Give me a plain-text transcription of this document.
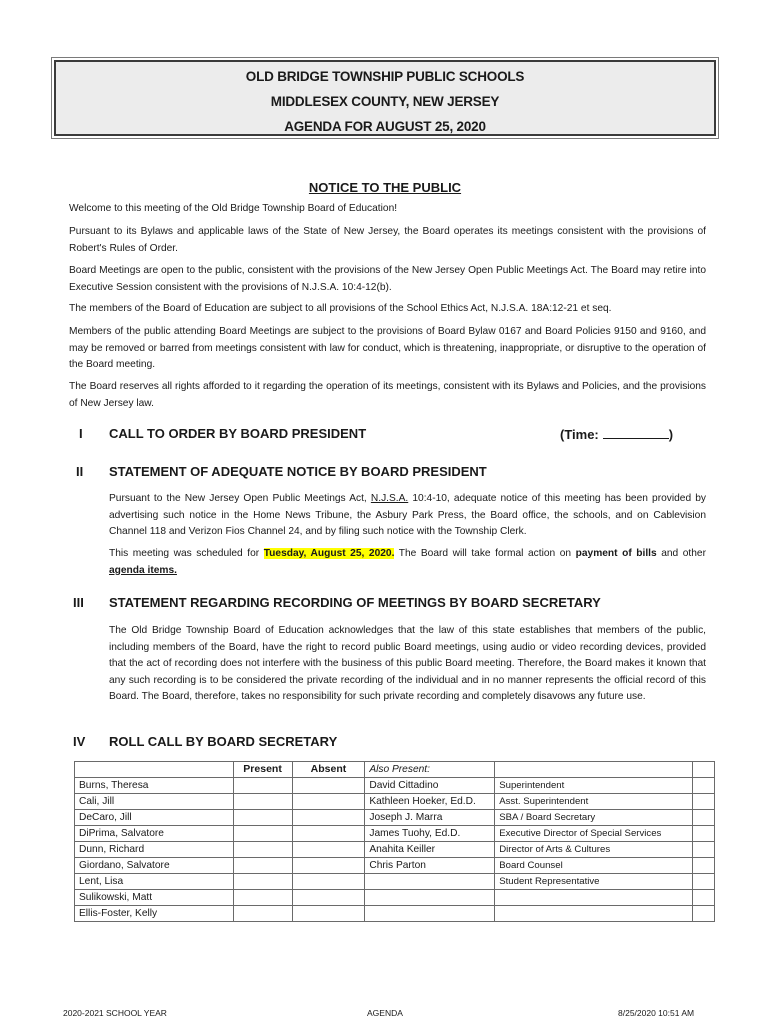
OLD BRIDGE TOWNSHIP PUBLIC SCHOOLS
MIDDLESEX COUNTY, NEW JERSEY
AGENDA FOR AUGUST 25, 2020
NOTICE TO THE PUBLIC
Welcome to this meeting of the Old Bridge Township Board of Education!
Pursuant to its Bylaws and applicable laws of the State of New Jersey, the Board operates its meetings consistent with the provisions of Robert's Rules of Order.
Board Meetings are open to the public, consistent with the provisions of the New Jersey Open Public Meetings Act. The Board may retire into Executive Session consistent with the provisions of N.J.S.A. 10:4-12(b).
The members of the Board of Education are subject to all provisions of the School Ethics Act, N.J.S.A. 18A:12-21 et seq.
Members of the public attending Board Meetings are subject to the provisions of Board Bylaw 0167 and Board Policies 9150 and 9160, and may be removed or barred from meetings consistent with law for conduct, which is threatening, inappropriate, or disruptive to the operation of the Board meeting.
The Board reserves all rights afforded to it regarding the operation of its meetings, consistent with its Bylaws and Policies, and the provisions of New Jersey law.
I CALL TO ORDER BY BOARD PRESIDENT	(Time:	)
II STATEMENT OF ADEQUATE NOTICE BY BOARD PRESIDENT
Pursuant to the New Jersey Open Public Meetings Act, N.J.S.A. 10:4-10, adequate notice of this meeting has been provided by advertising such notice in the Home News Tribune, the Asbury Park Press, the Board office, the schools, and on Cablevision Channel 118 and Verizon Fios Channel 24, and by filing such notice with the Township Clerk.
This meeting was scheduled for Tuesday, August 25, 2020. The Board will take formal action on payment of bills and other agenda items.
III STATEMENT REGARDING RECORDING OF MEETINGS BY BOARD SECRETARY
The Old Bridge Township Board of Education acknowledges that the law of this state establishes that members of the public, including members of the Board, have the right to record public Board meetings, using audio or video recording devices, provided that the act of recording does not interfere with the business of this public Board meeting. Therefore, the Board makes it known that any such recording is to be considered the private recording of the individual and in no manner represents the official record of this Board. The Board, therefore, takes no responsibility for such private recording and completely disavows any future use.
IV ROLL CALL BY BOARD SECRETARY
	Present	Absent	Also Present:		
Burns, Theresa			David Cittadino	Superintendent	
Cali, Jill			Kathleen Hoeker, Ed.D.	Asst. Superintendent	
DeCaro, Jill			Joseph J. Marra	SBA / Board Secretary	
DiPrima, Salvatore			James Tuohy, Ed.D.	Executive Director of Special Services	
Dunn, Richard			Anahita Keiller	Director of Arts & Cultures	
Giordano, Salvatore			Chris Parton	Board Counsel	
Lent, Lisa				Student Representative	
Sulikowski, Matt					
Ellis-Foster, Kelly					
2020-2021 SCHOOL YEAR	AGENDA	8/25/2020 10:51 AM
